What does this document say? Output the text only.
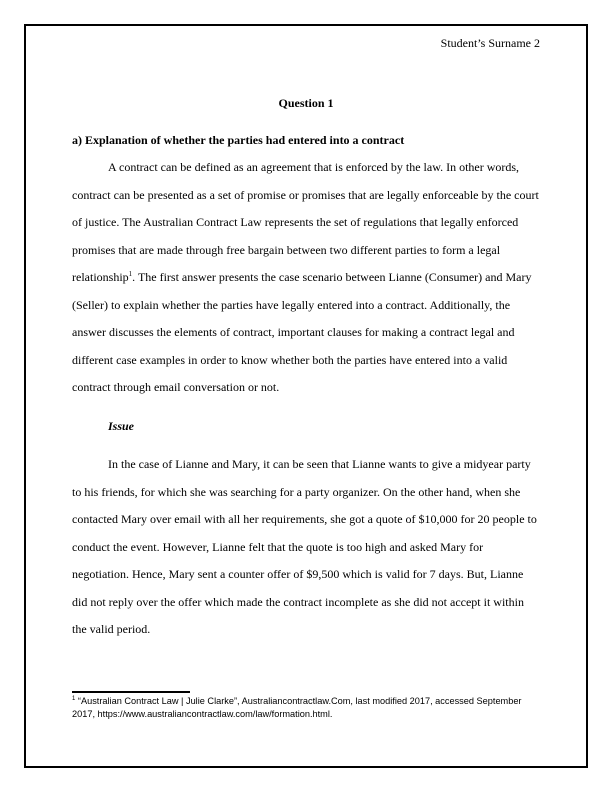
Student’s Surname 2
Question 1
a) Explanation of whether the parties had entered into a contract
A contract can be defined as an agreement that is enforced by the law. In other words,
contract can be presented as a set of promise or promises that are legally enforceable by the court
of justice. The Australian Contract Law represents the set of regulations that legally enforced
promises that are made through free bargain between two different parties to form a legal
relationship$^1$. The first answer presents the case scenario between Lianne (Consumer) and Mary
(Seller) to explain whether the parties have legally entered into a contract. Additionally, the
answer discusses the elements of contract, important clauses for making a contract legal and
different case examples in order to know whether both the parties have entered into a valid
contract through email conversation or not.
Issue
In the case of Lianne and Mary, it can be seen that Lianne wants to give a midyear party
to his friends, for which she was searching for a party organizer. On the other hand, when she
contacted Mary over email with all her requirements, she got a quote of $10,000 for 20 people to
conduct the event. However, Lianne felt that the quote is too high and asked Mary for
negotiation. Hence, Mary sent a counter offer of $9,500 which is valid for 7 days. But, Lianne
did not reply over the offer which made the contract incomplete as she did not accept it within
the valid period.
$^1$ “Australian Contract Law | Julie Clarke”, Australiancontractlaw.Com, last modified 2017, accessed September
2017, https://www.australiancontractlaw.com/law/formation.html.
